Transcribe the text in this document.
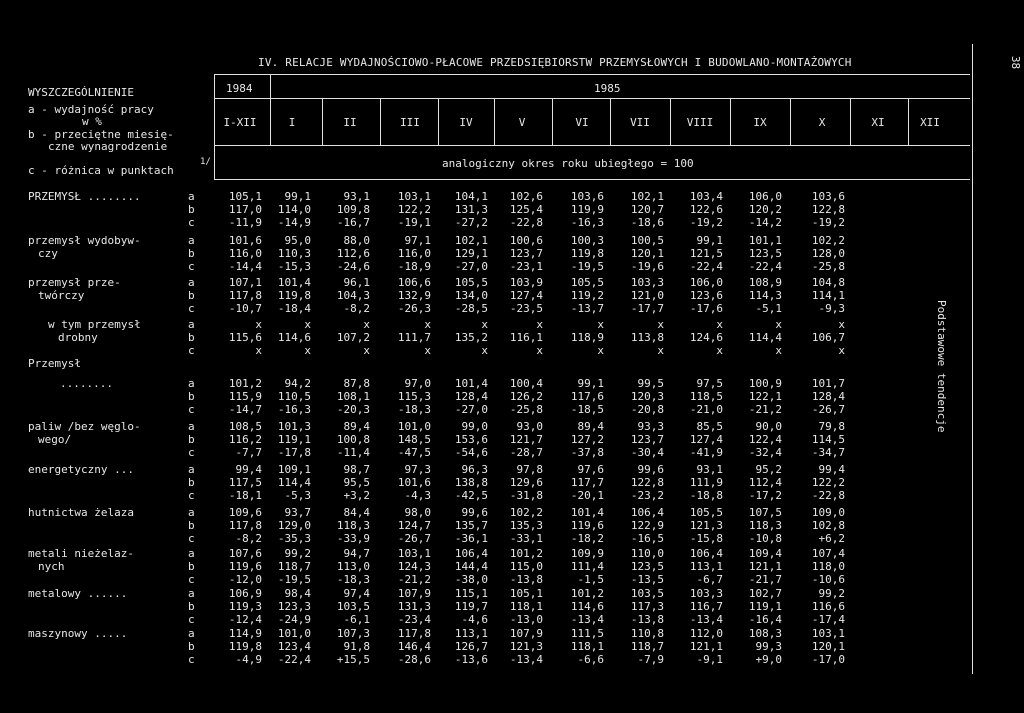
IV. RELACJE WYDAJNOŚCIOWO-PŁACOWE PRZEDSIĘBIORSTW PRZEMYSŁOWYCH I BUDOWLANO-MONTAŻOWYCH	38
WYSZCZEGÓLNIENIE
a - wydajność pracy
w %
b - przeciętne miesię-
czne wynagrodzenie
c - różnica w punktach
1/
1984	1985
I-XII	I	II	III	IV	V	VI	VII	VIII	IX	X	XI	XII
analogiczny okres roku ubiegłego = 100
PRZEMYSŁ ........	a	105,1	99,1	93,1	103,1	104,1	102,6	103,6	102,1	103,4	106,0	103,6
b	117,0	114,0	109,8	122,2	131,3	125,4	119,9	120,7	122,6	120,2	122,8
c	-11,9	-14,9	-16,7	-19,1	-27,2	-22,8	-16,3	-18,6	-19,2	-14,2	-19,2
przemysł wydobyw-
czy
a	101,6	95,0	88,0	97,1	102,1	100,6	100,3	100,5	99,1	101,1	102,2
b	116,0	110,3	112,6	116,0	129,1	123,7	119,8	120,1	121,5	123,5	128,0
c	-14,4	-15,3	-24,6	-18,9	-27,0	-23,1	-19,5	-19,6	-22,4	-22,4	-25,8
przemysł prze-
twórczy
a	107,1	101,4	96,1	106,6	105,5	103,9	105,5	103,3	106,0	108,9	104,8
b	117,8	119,8	104,3	132,9	134,0	127,4	119,2	121,0	123,6	114,3	114,1
c	-10,7	-18,4	-8,2	-26,3	-28,5	-23,5	-13,7	-17,7	-17,6	-5,1	-9,3
w tym przemysł
drobny
a	x	x	x	x	x	x	x	x	x	x	x
b	115,6	114,6	107,2	111,7	135,2	116,1	118,9	113,8	124,6	114,4	106,7
c	x	x	x	x	x	x	x	x	x	x	x
Przemysł
........	a	101,2	94,2	87,8	97,0	101,4	100,4	99,1	99,5	97,5	100,9	101,7
b	115,9	110,5	108,1	115,3	128,4	126,2	117,6	120,3	118,5	122,1	128,4
c	-14,7	-16,3	-20,3	-18,3	-27,0	-25,8	-18,5	-20,8	-21,0	-21,2	-26,7
paliw /bez węglo-
wego/
a	108,5	101,3	89,4	101,0	99,0	93,0	89,4	93,3	85,5	90,0	79,8
b	116,2	119,1	100,8	148,5	153,6	121,7	127,2	123,7	127,4	122,4	114,5
c	-7,7	-17,8	-11,4	-47,5	-54,6	-28,7	-37,8	-30,4	-41,9	-32,4	-34,7
energetyczny ...	a	99,4	109,1	98,7	97,3	96,3	97,8	97,6	99,6	93,1	95,2	99,4
b	117,5	114,4	95,5	101,6	138,8	129,6	117,7	122,8	111,9	112,4	122,2
c	-18,1	-5,3	+3,2	-4,3	-42,5	-31,8	-20,1	-23,2	-18,8	-17,2	-22,8
hutnictwa żelaza	a	109,6	93,7	84,4	98,0	99,6	102,2	101,4	106,4	105,5	107,5	109,0
b	117,8	129,0	118,3	124,7	135,7	135,3	119,6	122,9	121,3	118,3	102,8
c	-8,2	-35,3	-33,9	-26,7	-36,1	-33,1	-18,2	-16,5	-15,8	-10,8	+6,2
metali nieżelaz-
nych
a	107,6	99,2	94,7	103,1	106,4	101,2	109,9	110,0	106,4	109,4	107,4
b	119,6	118,7	113,0	124,3	144,4	115,0	111,4	123,5	113,1	121,1	118,0
c	-12,0	-19,5	-18,3	-21,2	-38,0	-13,8	-1,5	-13,5	-6,7	-21,7	-10,6
metalowy ......	a	106,9	98,4	97,4	107,9	115,1	105,1	101,2	103,5	103,3	102,7	99,2
b	119,3	123,3	103,5	131,3	119,7	118,1	114,6	117,3	116,7	119,1	116,6
c	-12,4	-24,9	-6,1	-23,4	-4,6	-13,0	-13,4	-13,8	-13,4	-16,4	-17,4
maszynowy .....	a	114,9	101,0	107,3	117,8	113,1	107,9	111,5	110,8	112,0	108,3	103,1
b	119,8	123,4	91,8	146,4	126,7	121,3	118,1	118,7	121,1	99,3	120,1
c	-4,9	-22,4	+15,5	-28,6	-13,6	-13,4	-6,6	-7,9	-9,1	+9,0	-17,0
Podstawowe tendencje
